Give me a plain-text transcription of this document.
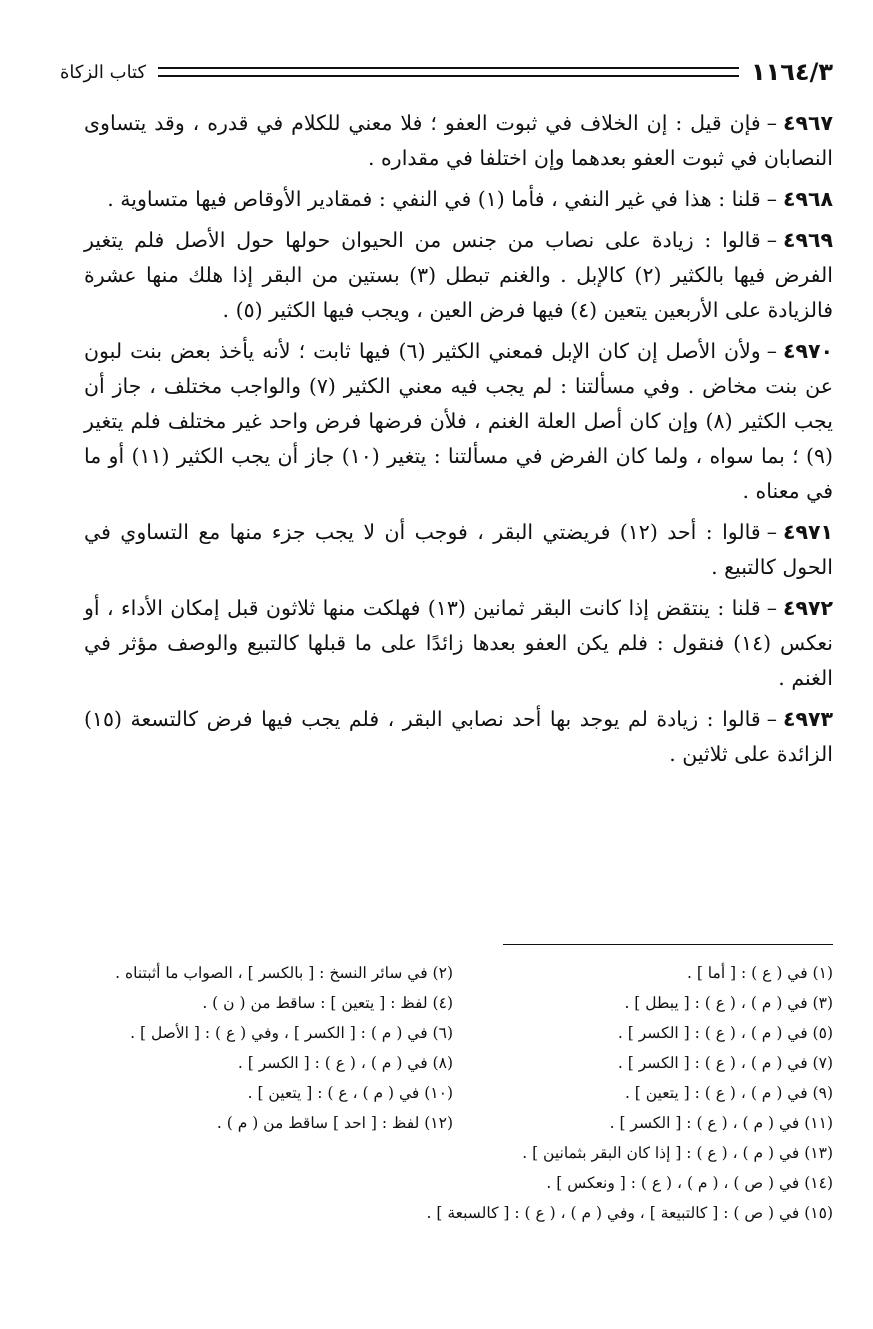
١١٦٤/٣
كتاب الزكاة

٤٩٦٧–فإن قيل : إن الخلاف في ثبوت العفو ؛ فلا معني للكلام في قدره ، وقد يتساوى النصابان في ثبوت العفو بعدهما وإن اختلفا في مقداره .

٤٩٦٨–قلنا : هذا في غير النفي ، فأما (١) في النفي : فمقادير الأوقاص فيها متساوية .

٤٩٦٩–قالوا : زيادة على نصاب من جنس من الحيوان حولها حول الأصل فلم يتغير الفرض فيها بالكثير (٢) كالإبل . والغنم تبطل (٣) بستين من البقر إذا هلك منها عشرة فالزيادة على الأربعين يتعين (٤) فيها فرض العين ، ويجب فيها الكثير (٥) .

٤٩٧٠–ولأن الأصل إن كان الإبل فمعني الكثير (٦) فيها ثابت ؛ لأنه يأخذ بعض بنت لبون عن بنت مخاض . وفي مسألتنا : لم يجب فيه معني الكثير (٧) والواجب مختلف ، جاز أن يجب الكثير (٨) وإن كان أصل العلة الغنم ، فلأن فرضها فرض واحد غير مختلف فلم يتغير (٩) ؛ بما سواه ، ولما كان الفرض في مسألتنا : يتغير (١٠) جاز أن يجب الكثير (١١) أو ما في معناه .

٤٩٧١–قالوا : أحد (١٢) فريضتي البقر ، فوجب أن لا يجب جزء منها مع التساوي في الحول كالتبيع .

٤٩٧٢–قلنا : ينتقض إذا كانت البقر ثمانين (١٣) فهلكت منها ثلاثون قبل إمكان الأداء ، أو نعكس (١٤) فنقول : فلم يكن العفو بعدها زائدًا على ما قبلها كالتبيع والوصف مؤثر في الغنم .

٤٩٧٣–قالوا : زيادة لم يوجد بها أحد نصابي البقر ، فلم يجب فيها فرض كالتسعة (١٥) الزائدة على ثلاثين .

(١) في ( ع ) : [ أما ] .
(٢) في سائر النسخ : [ بالكسر ] ، الصواب ما أثبتناه .
(٣) في ( م ) ، ( ع ) : [ يبطل ] .
(٤) لفظ : [ يتعين ] : ساقط من ( ن ) .
(٥) في ( م ) ، ( ع ) : [ الكسر ] .
(٦) في ( م ) : [ الكسر ] ، وفي ( ع ) : [ الأصل ] .
(٧) في ( م ) ، ( ع ) : [ الكسر ] .
(٨) في ( م ) ، ( ع ) : [ الكسر ] .
(٩) في ( م ) ، ( ع ) : [ يتعين ] .
(١٠) في ( م ) ، ع ) : [ يتعين ] .
(١١) في ( م ) ، ( ع ) : [ الكسر ] .
(١٢) لفظ : [ احد ] ساقط من ( م ) .
(١٣) في ( م ) ، ( ع ) : [ إذا كان البقر بثمانين ] .
(١٤) في ( ص ) ، ( م ) ، ( ع ) : [ ونعكس ] .
(١٥) في ( ص ) : [ كالتبيعة ] ، وفي ( م ) ، ( ع ) : [ كالسبعة ] .
